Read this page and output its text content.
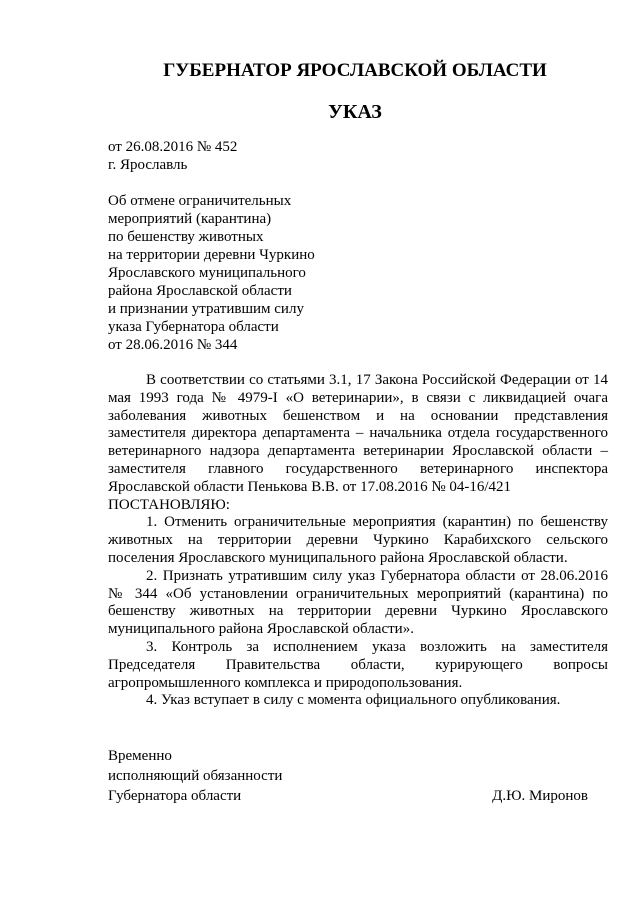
ГУБЕРНАТОР ЯРОСЛАВСКОЙ ОБЛАСТИ
УКАЗ
от 26.08.2016 № 452
г. Ярославль
Об отмене ограничительных
мероприятий (карантина)
по бешенству животных
на территории деревни Чуркино
Ярославского муниципального
района Ярославской области
и признании утратившим силу
указа Губернатора области
от 28.06.2016 № 344

В соответствии со статьями 3.1, 17 Закона Российской Федерации от 14 мая 1993 года № 4979-I «О ветеринарии», в связи с ликвидацией очага заболевания животных бешенством и на основании представления заместителя директора департамента – начальника отдела государственного ветеринарного надзора департамента ветеринарии Ярославской области – заместителя главного государственного ветеринарного инспектора Ярославской области Пенькова В.В. от 17.08.2016 № 04-16/421

ПОСТАНОВЛЯЮ:

1. Отменить ограничительные мероприятия (карантин) по бешенству животных на территории деревни Чуркино Карабихского сельского поселения Ярославского муниципального района Ярославской области.

2. Признать утратившим силу указ Губернатора области от 28.06.2016 № 344 «Об установлении ограничительных мероприятий (карантина) по бешенству животных на территории деревни Чуркино Ярославского муниципального района Ярославской области».

3. Контроль за исполнением указа возложить на заместителя Председателя Правительства области, курирующего вопросы агропромышленного комплекса и природопользования.

4. Указ вступает в силу с момента официального опубликования.

Временно
исполняющий обязанности
Губернатора области	Д.Ю. Миронов
